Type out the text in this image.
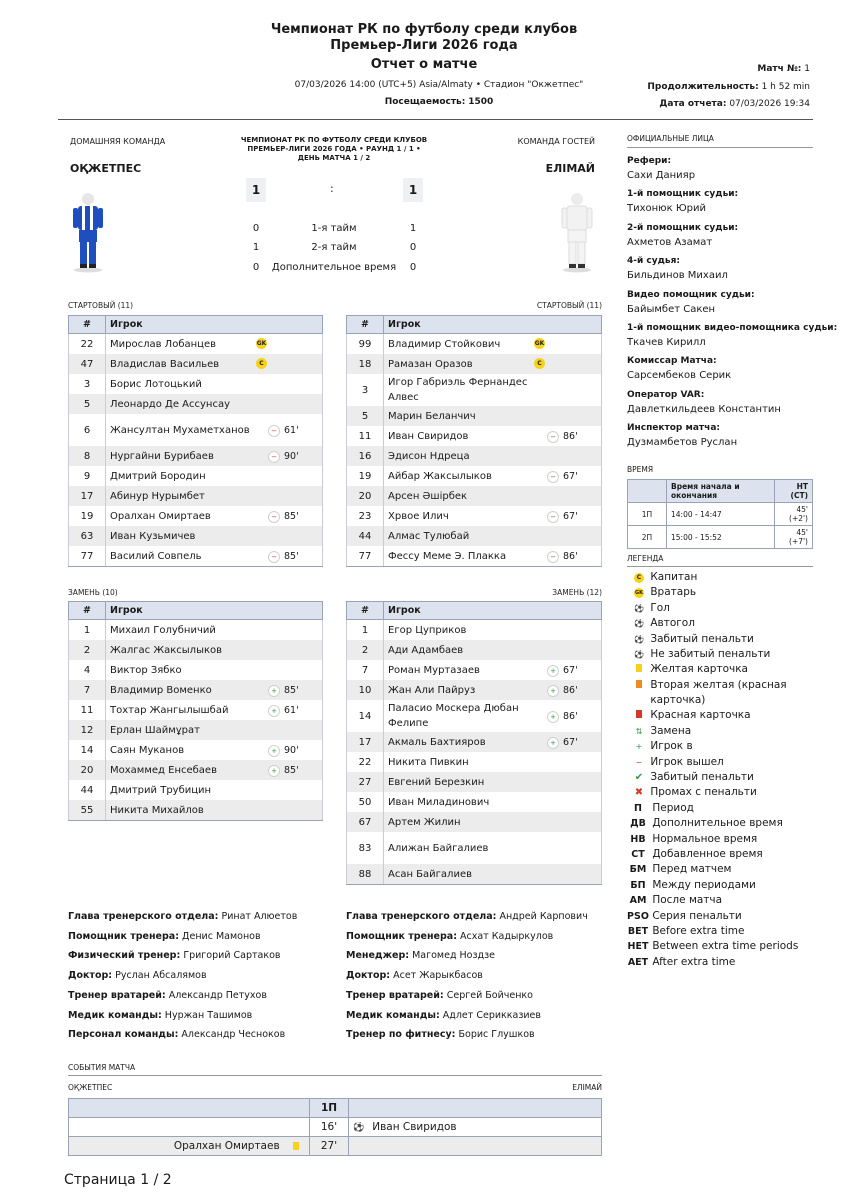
Чемпионат РК по футболу среди клубов
Премьер-Лиги 2026 года
Отчет о матче
07/03/2026 14:00 (UTC+5) Asia/Almaty • Стадион "Окжетпес"
Посещаемость: 1500
Матч №: 1
Продолжительность: 1 h 52 min
Дата отчета: 07/03/2026 19:34
ДОМАШНЯЯ КОМАНДА	КОМАНДА ГОСТЕЙ
ЧЕМПИОНАТ РК ПО ФУТБОЛУ СРЕДИ КЛУБОВ ПРЕМЬЕР-ЛИГИ 2026 ГОДА • РАУНД 1 / 1 • ДЕНЬ МАТЧА 1 / 2
ОҚЖЕТПЕС	ЕЛІМАЙ
1	:	1
0	1-я тайм	1
1	2-я тайм	0
0	Дополнительное время	0
СТАРТОВЫЙ (11)	СТАРТОВЫЙ (11)
ЗАМЕНЬ (10)	ЗАМЕНЬ (12)
#	Игрок
22	Мирослав Лобанцев GK

47	Владислав Васильев C

3	Борис Лотоцький
5	Леонардо Де Ассунсау
6	Жансултан Мухаметханов − 61'

8	Нургайни Бурибаев − 90'

9	Дмитрий Бородин
17	Абинур Нурымбет
19	Оралхан Омиртаев − 85'

63	Иван Кузьмичев
77	Василий Совпель − 85'
#	Игрок
99	Владимир Стойкович GK

18	Рамазан Оразов C

3	Игор Габриэль Фернандес Алвес
5	Марин Беланчич
11	Иван Свиридов − 86'

16	Эдисон Ндреца
19	Айбар Жаксылыков − 67'

20	Арсен Әшірбек
23	Хрвое Илич − 67'

44	Алмас Тулюбай
77	Фессу Меме Э. Плакка − 86'
#	Игрок
1	Михаил Голубничий
2	Жалгас Жаксылыков
4	Виктор Зябко
7	Владимир Воменко + 85'

11	Тохтар Жангылышбай + 61'

12	Ерлан Шаймұрат
14	Саян Муканов + 90'

20	Мохаммед Енсебаев + 85'

44	Дмитрий Трубицин
55	Никита Михайлов
#	Игрок
1	Егор Цуприков
2	Ади Адамбаев
7	Роман Муртазаев + 67'

10	Жан Али Пайруз + 86'

14	Паласио Москера Дюбан Фелипе
+ 86'

17	Акмаль Бахтияров + 67'

22	Никита Пивкин
27	Евгений Березкин
50	Иван Миладинович
67	Артем Жилин
83	Алижан Байгалиев
88	Асан Байгалиев
ОФИЦИАЛЬНЫЕ ЛИЦА
Рефери:
Сахи Данияр
1-й помощник судьи:
Тихонюк Юрий
2-й помощник судьи:
Ахметов Азамат
4-й судья:
Бильдинов Михаил
Видео помощник судьи:
Байымбет Сакен
1-й помощник видео-помощника судьи:
Ткачев Кирилл
Комиссар Матча:
Сарсембеков Серик
Оператор VAR:
Давлеткильдеев Константин
Инспектор матча:
Дузмамбетов Руслан
ВРЕМЯ
	Время начала и окончания	HT (CT)
1П	14:00 - 14:47	45' (+2')
2П	15:00 - 15:52	45' (+7')
ЛЕГЕНДА
C Капитан
GK Вратарь
⚽ Гол
⚽ Автогол
⚽ Забитый пенальти
⚽ Не забитый пенальти
Желтая карточка
Вторая желтая (красная карточка)
Красная карточка
⇅ Замена
+ Игрок в
− Игрок вышел
✔ Забитый пенальти
✖ Промах с пенальти
П Период
ДВ Дополнительное время
НВ Нормальное время
СТ Добавленное время
БМ Перед матчем
БП Между периодами
АМ После матча
PSO Серия пенальти
BET Before extra time
HET Between extra time periods
AET After extra time
Глава тренерского отдела: Ринат Алюетов
Помощник тренера: Денис Мамонов
Физический тренер: Григорий Сартаков
Доктор: Руслан Абсалямов
Тренер вратарей: Александр Петухов
Медик команды: Нуржан Ташимов
Персонал команды: Александр Чесноков
Глава тренерского отдела: Андрей Карпович
Помощник тренера: Асхат Кадыркулов
Менеджер: Магомед Ноздзе
Доктор: Асет Жарыкбасов
Тренер вратарей: Сергей Бойченко
Медик команды: Адлет Серикказиев
Тренер по фитнесу: Борис Глушков
СОБЫТИЯ МАТЧА
ОҚЖЕТПЕС	ЕЛІМАЙ
	1П	
	16'	⚽ Иван Свиридов
Оралхан Омиртаев	27'	
Страница 1 / 2
